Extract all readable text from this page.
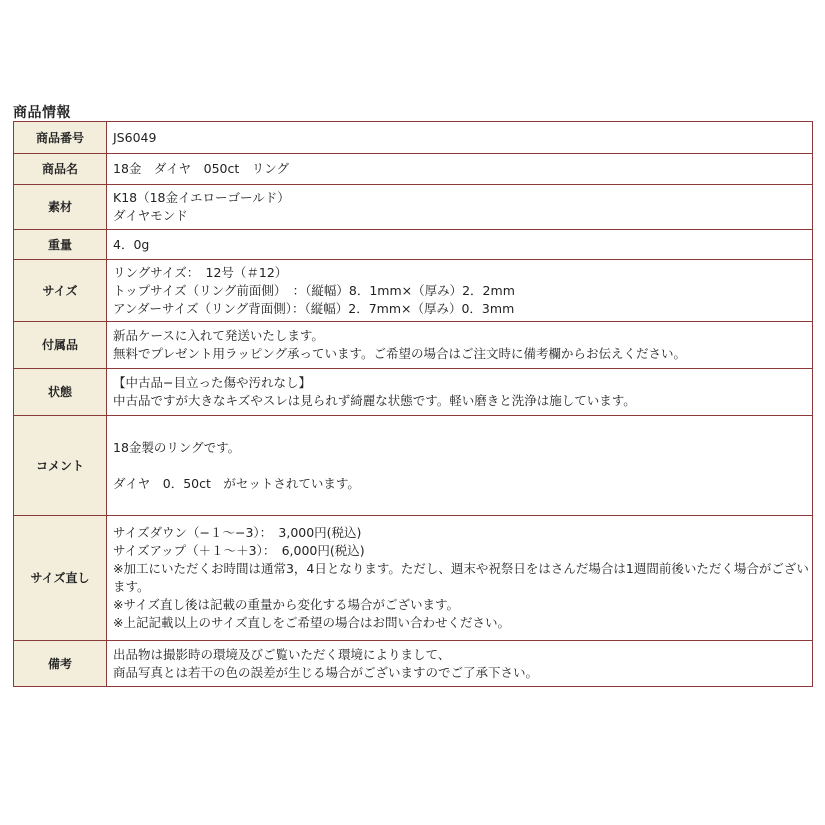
商品情報
商品番号	JS6049
商品名	18金　ダイヤ　050ct　リング
素材	K18（18金イエローゴールド）
ダイヤモンド
重量	4．0g
サイズ	リングサイズ：　12号（＃12）
トップサイズ（リング前面側）　：（縦幅）8．1mm×（厚み）2．2mm
アンダーサイズ（リング背面側）：（縦幅）2．7mm×（厚み）0．3mm
付属品	新品ケースに入れて発送いたします。
無料でプレゼント用ラッピング承っています。ご希望の場合はご注文時に備考欄からお伝えください。
状態	【中古品−目立った傷や汚れなし】
中古品ですが大きなキズやスレは見られず綺麗な状態です。軽い磨きと洗浄は施しています。
コメント	18金製のリングです。

ダイヤ　0．50ct　がセットされています。
サイズ直し	サイズダウン（−１〜−3）：　3,000円(税込)
サイズアップ（＋１〜＋3）：　6,000円(税込)
※加工にいただくお時間は通常3，4日となります。ただし、週末や祝祭日をはさんだ場合は1週間前後いただく場合がございます。
※サイズ直し後は記載の重量から変化する場合がございます。
※上記記載以上のサイズ直しをご希望の場合はお問い合わせください。
備考	出品物は撮影時の環境及びご覧いただく環境によりまして、
商品写真とは若干の色の誤差が生じる場合がございますのでご了承下さい。
